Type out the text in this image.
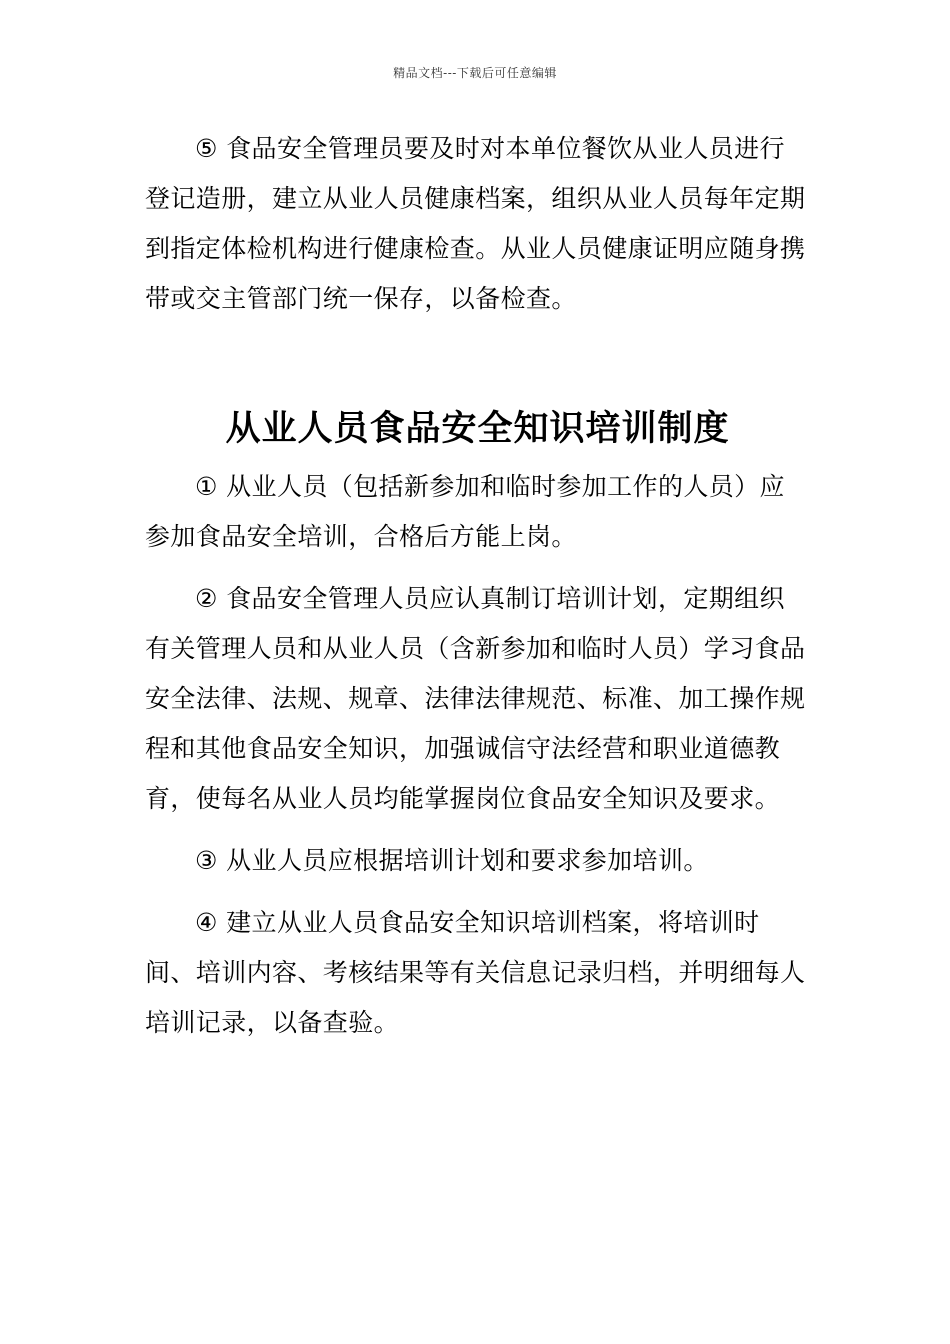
精品文档---下载后可任意编辑

⑤ 食品安全管理员要及时对本单位餐饮从业人员进行登记造册，建立从业人员健康档案，组织从业人员每年定期到指定体检机构进行健康检查。从业人员健康证明应随身携带或交主管部门统一保存，以备检查。

从业人员食品安全知识培训制度

① 从业人员（包括新参加和临时参加工作的人员）应参加食品安全培训，合格后方能上岗。

② 食品安全管理人员应认真制订培训计划，定期组织有关管理人员和从业人员（含新参加和临时人员）学习食品安全法律、法规、规章、法律法律规范、标准、加工操作规程和其他食品安全知识，加强诚信守法经营和职业道德教育，使每名从业人员均能掌握岗位食品安全知识及要求。

③ 从业人员应根据培训计划和要求参加培训。

④ 建立从业人员食品安全知识培训档案，将培训时间、培训内容、考核结果等有关信息记录归档，并明细每人培训记录，以备查验。
